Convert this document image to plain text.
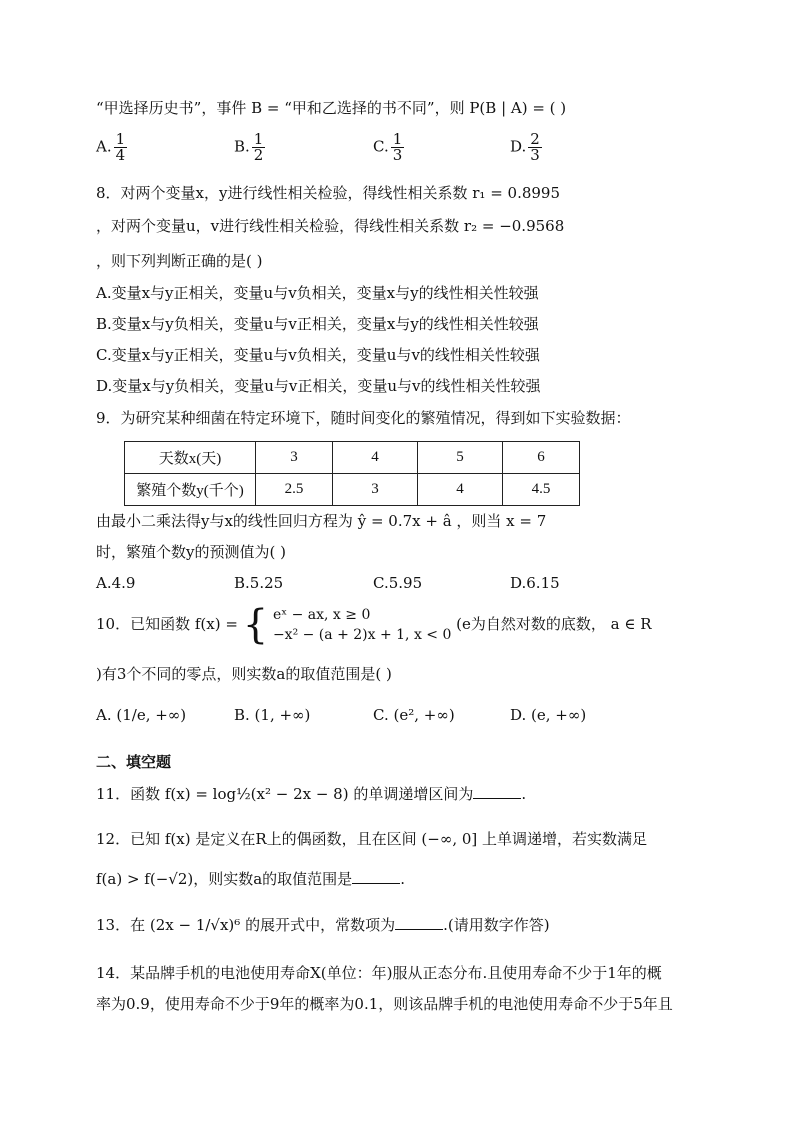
“甲选择历史书”，事件 B = “甲和乙选择的书不同”，则 P(B | A) = ( )
A. $\frac{1}{4}$	B. $\frac{1}{2}$	C. $\frac{1}{3}$	D. $\frac{2}{3}$
8．对两个变量x，y进行线性相关检验，得线性相关系数 r₁ = 0.8995
，对两个变量u，v进行线性相关检验，得线性相关系数 r₂ = −0.9568
，则下列判断正确的是( )
A.变量x与y正相关，变量u与v负相关，变量x与y的线性相关性较强
B.变量x与y负相关，变量u与v正相关，变量x与y的线性相关性较强
C.变量x与y正相关，变量u与v负相关，变量u与v的线性相关性较强
D.变量x与y负相关，变量u与v正相关，变量u与v的线性相关性较强
9．为研究某种细菌在特定环境下，随时间变化的繁殖情况，得到如下实验数据：
天数x(天)	3	4	5	6
繁殖个数y(千个)	2.5	3	4	4.5
由最小二乘法得y与x的线性回归方程为 ŷ = 0.7x + â ，则当 x = 7
时，繁殖个数y的预测值为( )
A.4.9	B.5.25	C.5.95	D.6.15
10．已知函数 f(x) = { eˣ − ax, x ≥ 0
−x² − (a + 2)x + 1, x < 0
(e为自然对数的底数， a ∈ R
)有3个不同的零点，则实数a的取值范围是( )
A. (1/e, +∞)	B. (1, +∞)	C. (e², +∞)	D. (e, +∞)
二、填空题
11．函数 f(x) = log½(x² − 2x − 8) 的单调递增区间为	.
12．已知 f(x) 是定义在R上的偶函数，且在区间 (−∞, 0] 上单调递增，若实数满足
f(a) > f(−√2)，则实数a的取值范围是	.
13．在 (2x − 1/√x)⁶ 的展开式中，常数项为	.(请用数字作答)
14．某品牌手机的电池使用寿命X(单位：年)服从正态分布.且使用寿命不少于1年的概
率为0.9，使用寿命不少于9年的概率为0.1，则该品牌手机的电池使用寿命不少于5年且
